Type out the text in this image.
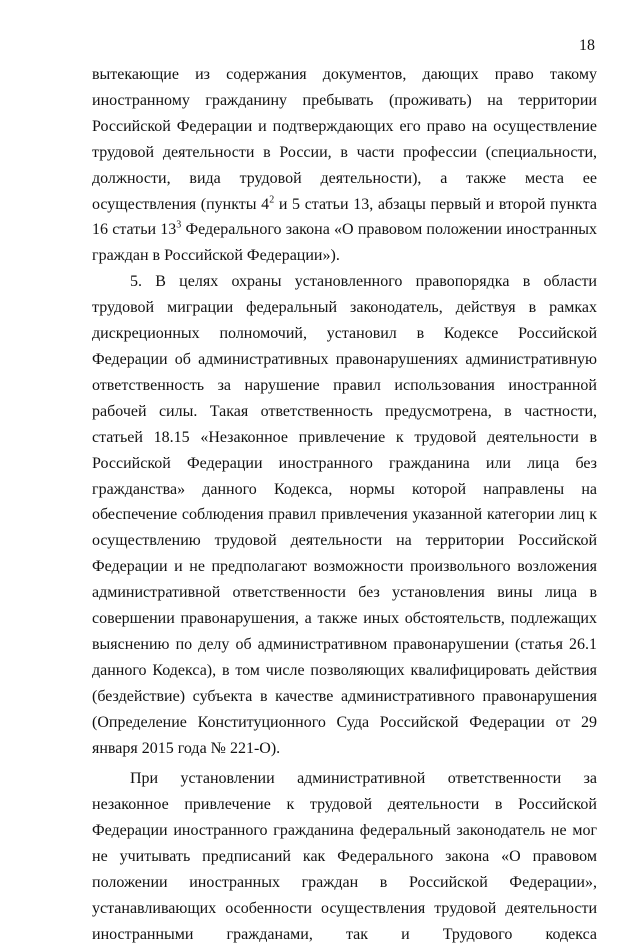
18

вытекающие из содержания документов, дающих право такому иностранному гражданину пребывать (проживать) на территории Российской Федерации и подтверждающих его право на осуществление трудовой деятельности в России, в части профессии (специальности, должности, вида трудовой деятельности), а также места ее осуществления (пункты $4^2$ и 5 статьи 13, абзацы первый и второй пункта 16 статьи $13^3$ Федерального закона «О правовом положении иностранных граждан в Российской Федерации»).

5. В целях охраны установленного правопорядка в области трудовой миграции федеральный законодатель, действуя в рамках дискреционных полномочий, установил в Кодексе Российской Федерации об административных правонарушениях административную ответственность за нарушение правил использования иностранной рабочей силы. Такая ответственность предусмотрена, в частности, статьей 18.15 «Незаконное привлечение к трудовой деятельности в Российской Федерации иностранного гражданина или лица без гражданства» данного Кодекса, нормы которой направлены на обеспечение соблюдения правил привлечения указанной категории лиц к осуществлению трудовой деятельности на территории Российской Федерации и не предполагают возможности произвольного возложения административной ответственности без установления вины лица в совершении правонарушения, а также иных обстоятельств, подлежащих выяснению по делу об административном правонарушении (статья 26.1 данного Кодекса), в том числе позволяющих квалифицировать действия (бездействие) субъекта в качестве административного правонарушения (Определение Конституционного Суда Российской Федерации от 29 января 2015 года № 221-О).

При установлении административной ответственности за незаконное привлечение к трудовой деятельности в Российской Федерации иностранного гражданина федеральный законодатель не мог не учитывать предписаний как Федерального закона «О правовом положении иностранных граждан в Российской Федерации», устанавливающих особенности осуществления трудовой деятельности иностранными гражданами, так и Трудового кодекса
